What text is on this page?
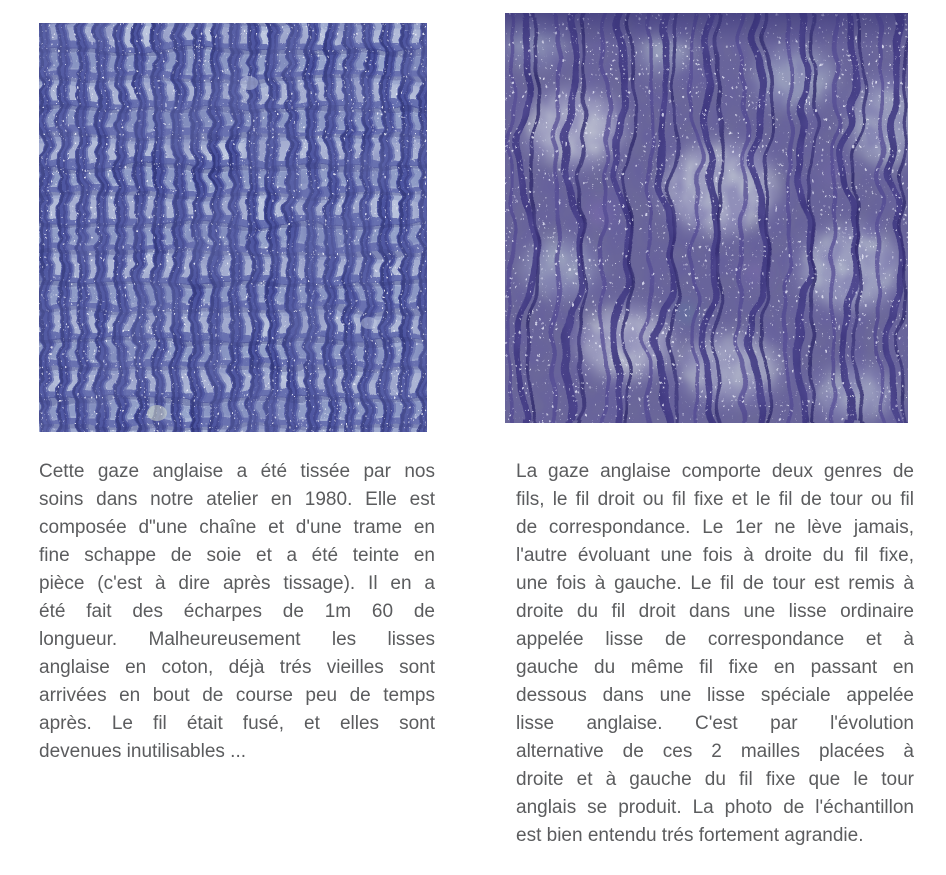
Cette gaze anglaise a été tissée par nos
soins dans notre atelier en 1980. Elle est
composée d"une chaîne et d'une trame en
fine schappe de soie et a été teinte en
pièce (c'est à dire après tissage). Il en a
été fait des écharpes de 1m 60 de
longueur. Malheureusement les lisses
anglaise en coton, déjà trés vieilles sont
arrivées en bout de course peu de temps
après. Le fil était fusé, et elles sont
devenues inutilisables ...
La gaze anglaise comporte deux genres de
fils, le fil droit ou fil fixe et le fil de tour ou fil
de correspondance. Le 1er ne lève jamais,
l'autre évoluant une fois à droite du fil fixe,
une fois à gauche. Le fil de tour est remis à
droite du fil droit dans une lisse ordinaire
appelée lisse de correspondance et à
gauche du même fil fixe en passant en
dessous dans une lisse spéciale appelée
lisse anglaise. C'est par l'évolution
alternative de ces 2 mailles placées à
droite et à gauche du fil fixe que le tour
anglais se produit. La photo de l'échantillon
est bien entendu trés fortement agrandie.
